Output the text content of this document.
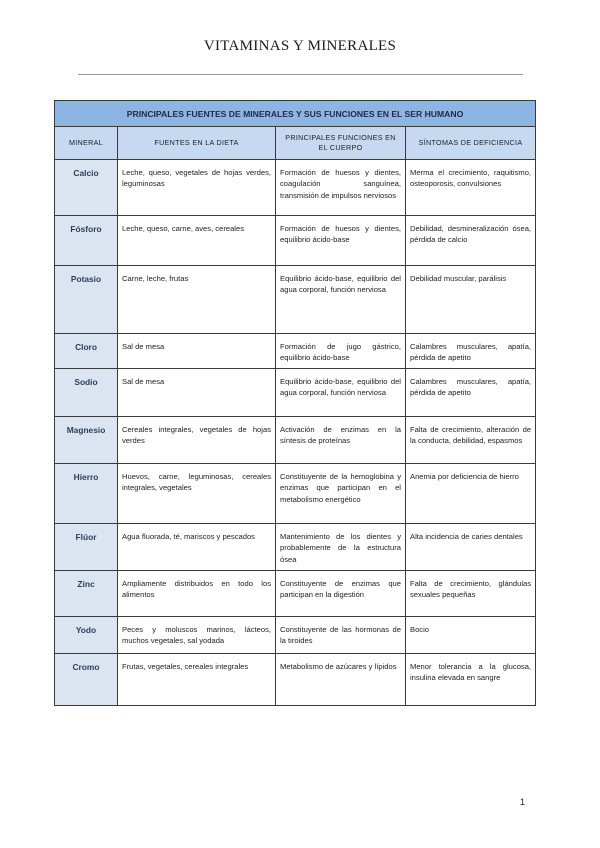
VITAMINAS Y MINERALES
PRINCIPALES FUENTES DE MINERALES Y SUS FUNCIONES EN EL SER HUMANO			
MINERAL	FUENTES EN LA DIETA	PRINCIPALES FUNCIONES EN EL CUERPO	SÍNTOMAS DE DEFICIENCIA
Calcio	Leche, queso, vegetales de hojas verdes, leguminosas	Formación de huesos y dientes, coagulación sanguínea, transmisión de impulsos nerviosos	Merma el crecimiento, raquitismo, osteoporosis, convulsiones
Fósforo	Leche, queso, carne, aves, cereales	Formación de huesos y dientes, equilibrio ácido-base	Debilidad, desmineralización ósea, pérdida de calcio
Potasio	Carne, leche, frutas	Equilibrio ácido-base, equilibrio del agua corporal, función nerviosa	Debilidad muscular, parálisis
Cloro	Sal de mesa	Formación de jugo gástrico, equilibrio ácido-base	Calambres musculares, apatía, pérdida de apetito
Sodio	Sal de mesa	Equilibrio ácido-base, equilibrio del agua corporal, función nerviosa	Calambres musculares, apatía, pérdida de apetito
Magnesio	Cereales integrales, vegetales de hojas verdes	Activación de enzimas en la síntesis de proteínas	Falta de crecimiento, alteración de la conducta, debilidad, espasmos
Hierro	Huevos, carne, leguminosas, cereales integrales, vegetales	Constituyente de la hemoglobina y enzimas que participan en el metabolismo energético	Anemia por deficiencia de hierro
Flúor	Agua fluorada, té, mariscos y pescados	Mantenimiento de los dientes y probablemente de la estructura ósea	Alta incidencia de caries dentales
Zinc	Ampliamente distribuidos en todo los alimentos	Constituyente de enzimas que participan en la digestión	Falta de crecimiento, glándulas sexuales pequeñas
Yodo	Peces y moluscos marinos, lácteos, muchos vegetales, sal yodada	Constituyente de las hormonas de la tiroides	Bocio
Cromo	Frutas, vegetales, cereales integrales	Metabolismo de azúcares y lípidos	Menor tolerancia a la glucosa, insulina elevada en sangre
1
